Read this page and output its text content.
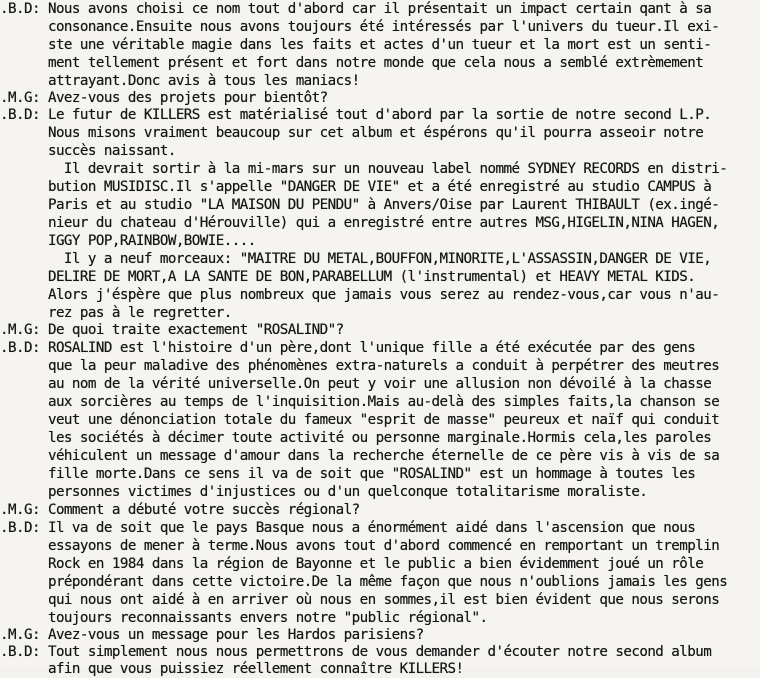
.B.D: Nous avons choisi ce nom tout d'abord car il présentait un impact certain qant à sa
consonance.Ensuite nous avons toujours été intéressés par l'univers du tueur.Il exi-
ste une véritable magie dans les faits et actes d'un tueur et la mort est un senti-
ment tellement présent et fort dans notre monde que cela nous a semblé extrèmement
attrayant.Donc avis à tous les maniacs!
.M.G: Avez-vous des projets pour bientôt?
.B.D: Le futur de KILLERS est matérialisé tout d'abord par la sortie de notre second L.P.
Nous misons vraiment beaucoup sur cet album et éspérons qu'il pourra asseoir notre
succès naissant.
Il devrait sortir à la mi-mars sur un nouveau label nommé SYDNEY RECORDS en distri-
bution MUSIDISC.Il s'appelle "DANGER DE VIE" et a été enregistré au studio CAMPUS à
Paris et au studio "LA MAISON DU PENDU" à Anvers/Oise par Laurent THIBAULT (ex.ingé-
nieur du chateau d'Hérouville) qui a enregistré entre autres MSG,HIGELIN,NINA HAGEN,
IGGY POP,RAINBOW,BOWIE....
Il y a neuf morceaux: "MAITRE DU METAL,BOUFFON,MINORITE,L'ASSASSIN,DANGER DE VIE,
DELIRE DE MORT,A LA SANTE DE BON,PARABELLUM (l'instrumental) et HEAVY METAL KIDS.
Alors j'éspère que plus nombreux que jamais vous serez au rendez-vous,car vous n'au-
rez pas à le regretter.
.M.G: De quoi traite exactement "ROSALIND"?
.B.D: ROSALIND est l'histoire d'un père,dont l'unique fille a été exécutée par des gens
que la peur maladive des phénomènes extra-naturels a conduit à perpétrer des meutres
au nom de la vérité universelle.On peut y voir une allusion non dévoilé à la chasse
aux sorcières au temps de l'inquisition.Mais au-delà des simples faits,la chanson se
veut une dénonciation totale du fameux "esprit de masse" peureux et naïf qui conduit
les sociétés à décimer toute activité ou personne marginale.Hormis cela,les paroles
véhiculent un message d'amour dans la recherche éternelle de ce père vis à vis de sa
fille morte.Dans ce sens il va de soit que "ROSALIND" est un hommage à toutes les
personnes victimes d'injustices ou d'un quelconque totalitarisme moraliste.
.M.G: Comment a débuté votre succès régional?
.B.D: Il va de soit que le pays Basque nous a énormément aidé dans l'ascension que nous
essayons de mener à terme.Nous avons tout d'abord commencé en remportant un tremplin
Rock en 1984 dans la région de Bayonne et le public a bien évidemment joué un rôle
prépondérant dans cette victoire.De la même façon que nous n'oublions jamais les gens
qui nous ont aidé à en arriver où nous en sommes,il est bien évident que nous serons
toujours reconnaissants envers notre "public régional".
.M.G: Avez-vous un message pour les Hardos parisiens?
.B.D: Tout simplement nous nous permettrons de vous demander d'écouter notre second album
afin que vous puissiez réellement connaître KILLERS!
